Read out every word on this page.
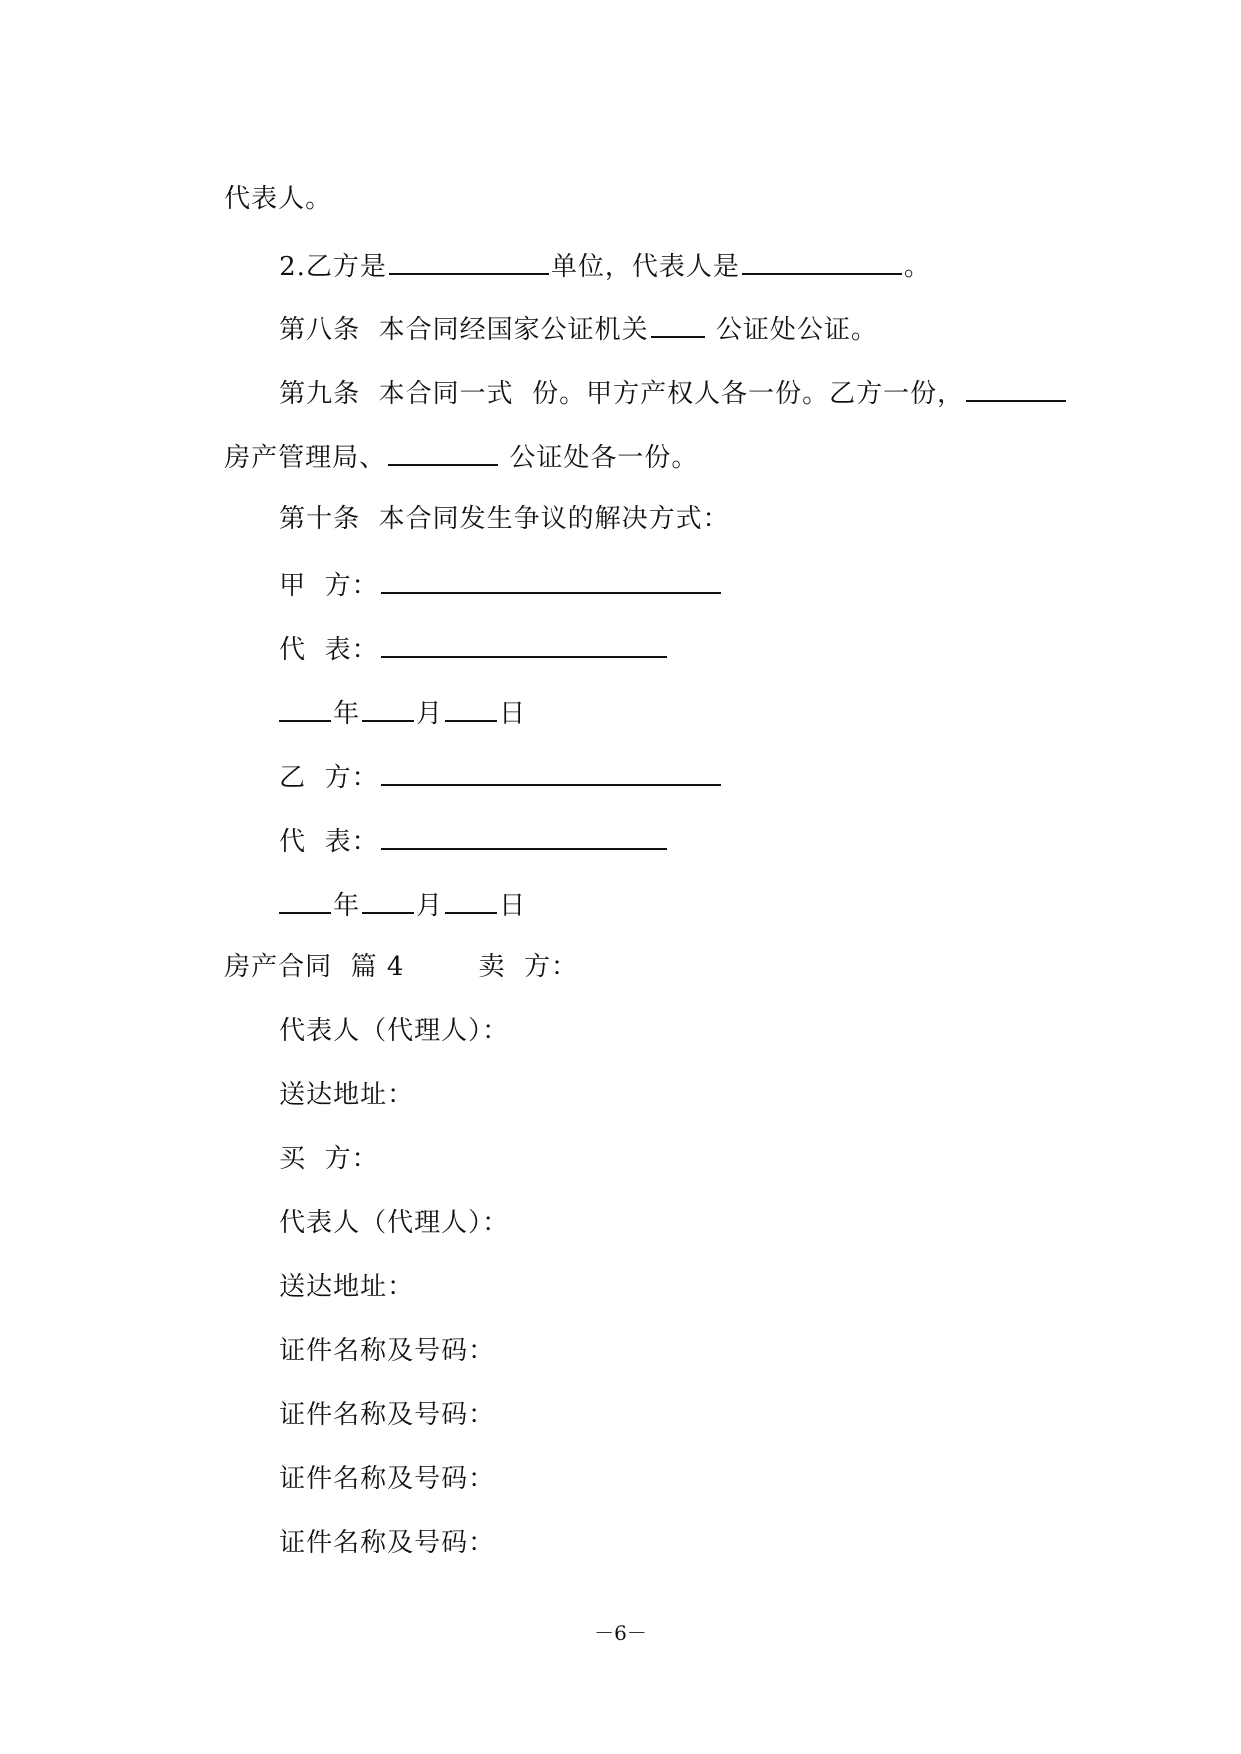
代表人。

2.乙方是	单位，代表人是	。

第八条  本合同经国家公证机关 公证处公证。

第九条  本合同一式  份。甲方产权人各一份。乙方一份，

房产管理局、	公证处各一份。

第十条  本合同发生争议的解决方式：

甲  方：

代  表：

年 月 日

乙  方：

代  表：

年 月 日

房产合同  篇 4        卖  方：

代表人（代理人）：

送达地址：

买  方：

代表人（代理人）：

送达地址：

证件名称及号码：

证件名称及号码：

证件名称及号码：

证件名称及号码：

－6－
